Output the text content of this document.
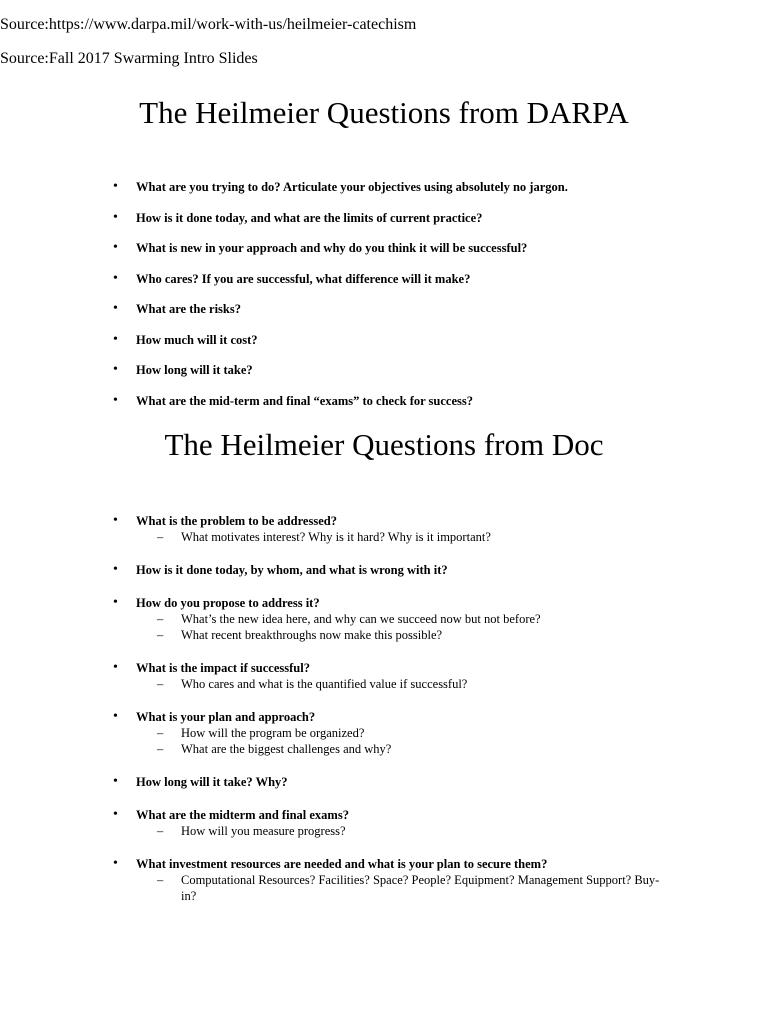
The Heilmeier Questions from DARPA

Source:https://www.darpa.mil/work-with-us/heilmeier-catechism

• What are you trying to do? Articulate your objectives using absolutely no jargon.
• How is it done today, and what are the limits of current practice?
• What is new in your approach and why do you think it will be successful?
• Who cares? If you are successful, what difference will it make?
• What are the risks?
• How much will it cost?
• How long will it take?
• What are the mid-term and final “exams” to check for success?
The Heilmeier Questions from Doc

Source:Fall 2017 Swarming Intro Slides

• What is the problem to be addressed?
– What motivates interest? Why is it hard? Why is it important?
• How is it done today, by whom, and what is wrong with it?
• How do you propose to address it?
– What’s the new idea here, and why can we succeed now but not before?
– What recent breakthroughs now make this possible?
• What is the impact if successful?
– Who cares and what is the quantified value if successful?
• What is your plan and approach?
– How will the program be organized?
– What are the biggest challenges and why?
• How long will it take? Why?
• What are the midterm and final exams?
– How will you measure progress?
• What investment resources are needed and what is your plan to secure them?
– Computational Resources? Facilities? Space? People? Equipment? Management Support? Buy-in?
